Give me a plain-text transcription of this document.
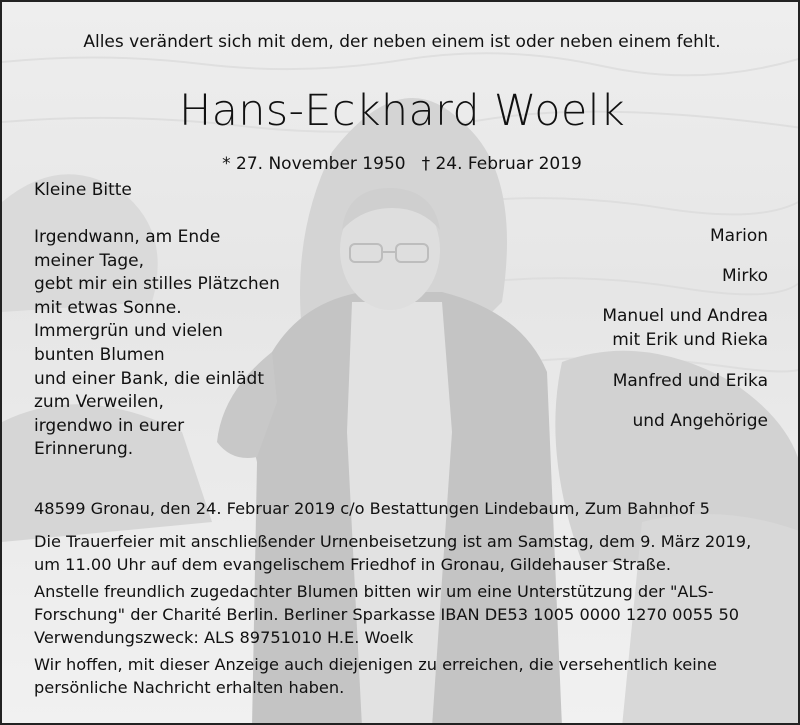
Alles verändert sich mit dem, der neben einem ist oder neben einem fehlt.
Hans-Eckhard Woelk
* 27. November 1950 † 24. Februar 2019
Kleine Bitte
Irgendwann, am Ende
meiner Tage,
gebt mir ein stilles Plätzchen
mit etwas Sonne.
Immergrün und vielen
bunten Blumen
und einer Bank, die einlädt
zum Verweilen,
irgendwo in eurer
Erinnerung.
Marion
Mirko
Manuel und Andrea
mit Erik und Rieka
Manfred und Erika
und Angehörige
48599 Gronau, den 24. Februar 2019 c/o Bestattungen Lindebaum, Zum Bahnhof 5
Die Trauerfeier mit anschließender Urnenbeisetzung ist am Samstag, dem 9. März 2019,
um 11.00 Uhr auf dem evangelischem Friedhof in Gronau, Gildehauser Straße.
Anstelle freundlich zugedachter Blumen bitten wir um eine Unterstützung der "ALS-
Forschung" der Charité Berlin. Berliner Sparkasse IBAN DE53 1005 0000 1270 0055 50
Verwendungszweck: ALS 89751010 H.E. Woelk
Wir hoffen, mit dieser Anzeige auch diejenigen zu erreichen, die versehentlich keine
persönliche Nachricht erhalten haben.
